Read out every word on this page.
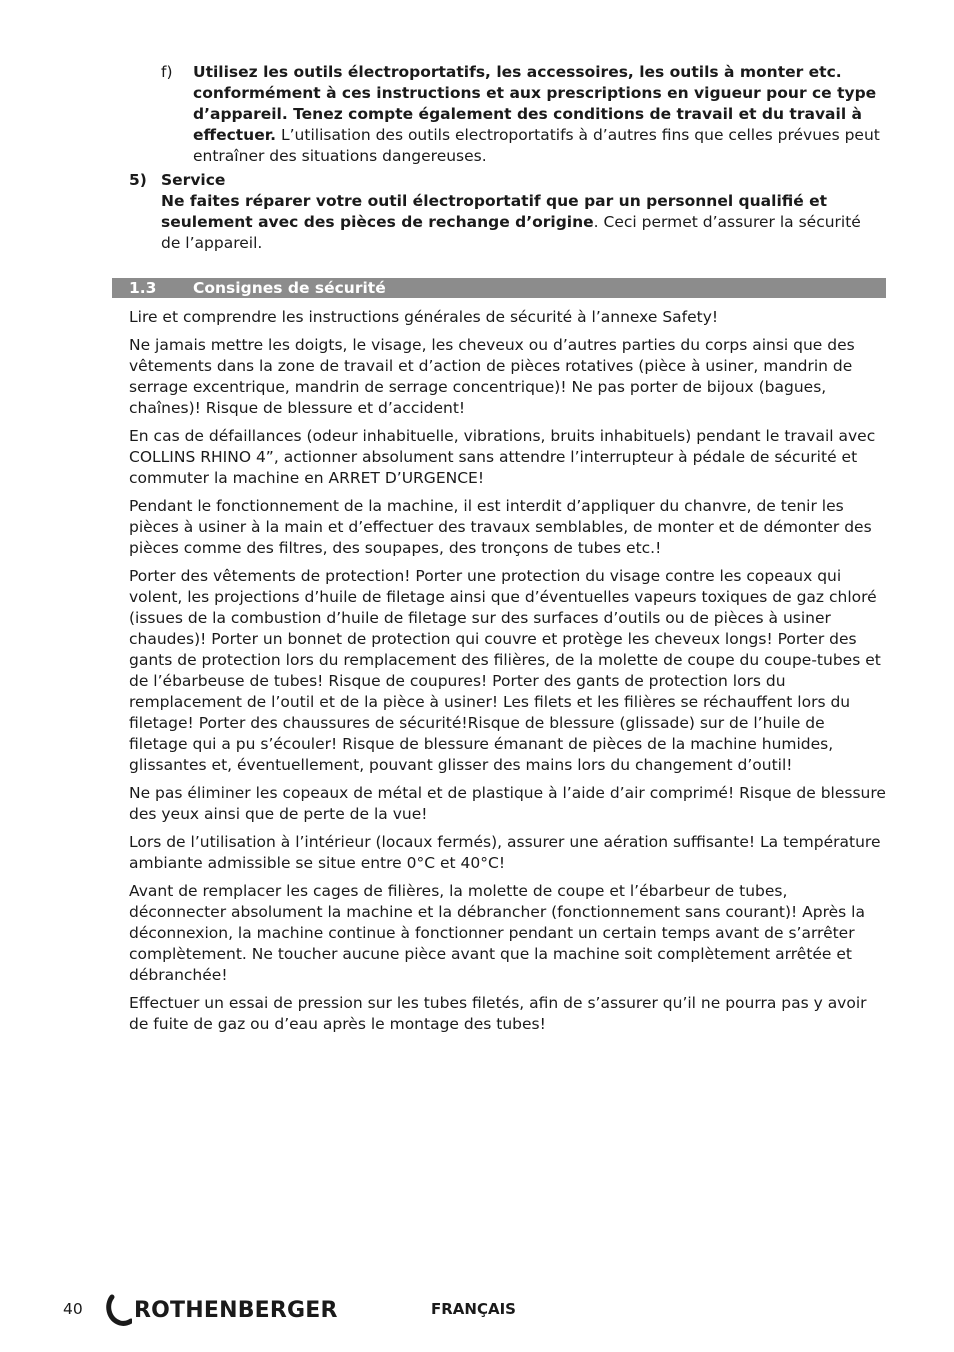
f) Utilisez les outils électroportatifs, les accessoires, les outils à monter etc. conformément à ces instructions et aux prescriptions en vigueur pour ce type d’appareil. Tenez compte également des conditions de travail et du travail à effectuer. L’utilisation des outils electroportatifs à d’autres fins que celles prévues peut entraîner des situations dangereuses.
5) Service
Ne faites réparer votre outil électroportatif que par un personnel qualifié et seulement avec des pièces de rechange d’origine. Ceci permet d’assurer la sécurité de l’appareil.
1.3 Consignes de sécurité

Lire et comprendre les instructions générales de sécurité à l’annexe Safety!

Ne jamais mettre les doigts, le visage, les cheveux ou d’autres parties du corps ainsi que des vêtements dans la zone de travail et d’action de pièces rotatives (pièce à usiner, mandrin de serrage excentrique, mandrin de serrage concentrique)! Ne pas porter de bijoux (bagues, chaînes)! Risque de blessure et d’accident!

En cas de défaillances (odeur inhabituelle, vibrations, bruits inhabituels) pendant le travail avec COLLINS RHINO 4”, actionner absolument sans attendre l’interrupteur à pédale de sécurité et commuter la machine en ARRET D’URGENCE!

Pendant le fonctionnement de la machine, il est interdit d’appliquer du chanvre, de tenir les pièces à usiner à la main et d’effectuer des travaux semblables, de monter et de démonter des pièces comme des filtres, des soupapes, des tronçons de tubes etc.!

Porter des vêtements de protection! Porter une protection du visage contre les copeaux qui volent, les projections d’huile de filetage ainsi que d’éventuelles vapeurs toxiques de gaz chloré (issues de la combustion d’huile de filetage sur des surfaces d’outils ou de pièces à usiner chaudes)! Porter un bonnet de protection qui couvre et protège les cheveux longs! Porter des gants de protection lors du remplacement des filières, de la molette de coupe du coupe-tubes et de l’ébarbeuse de tubes! Risque de coupures! Porter des gants de protection lors du remplacement de l’outil et de la pièce à usiner! Les filets et les filières se réchauffent lors du filetage! Porter des chaussures de sécurité!Risque de blessure (glissade) sur de l’huile de filetage qui a pu s’écouler! Risque de blessure émanant de pièces de la machine humides, glissantes et, éventuellement, pouvant glisser des mains lors du changement d’outil!

Ne pas éliminer les copeaux de métal et de plastique à l’aide d’air comprimé! Risque de blessure des yeux ainsi que de perte de la vue!

Lors de l’utilisation à l’intérieur (locaux fermés), assurer une aération suffisante! La température ambiante admissible se situe entre 0°C et 40°C!

Avant de remplacer les cages de filières, la molette de coupe et l’ébarbeur de tubes, déconnecter absolument la machine et la débrancher (fonctionnement sans courant)! Après la déconnexion, la machine continue à fonctionner pendant un certain temps avant de s’arrêter complètement. Ne toucher aucune pièce avant que la machine soit complètement arrêtée et débranchée!

Effectuer un essai de pression sur les tubes filetés, afin de s’assurer qu’il ne pourra pas y avoir de fuite de gaz ou d’eau après le montage des tubes!

40 ROTHENBERGER	FRANÇAIS
